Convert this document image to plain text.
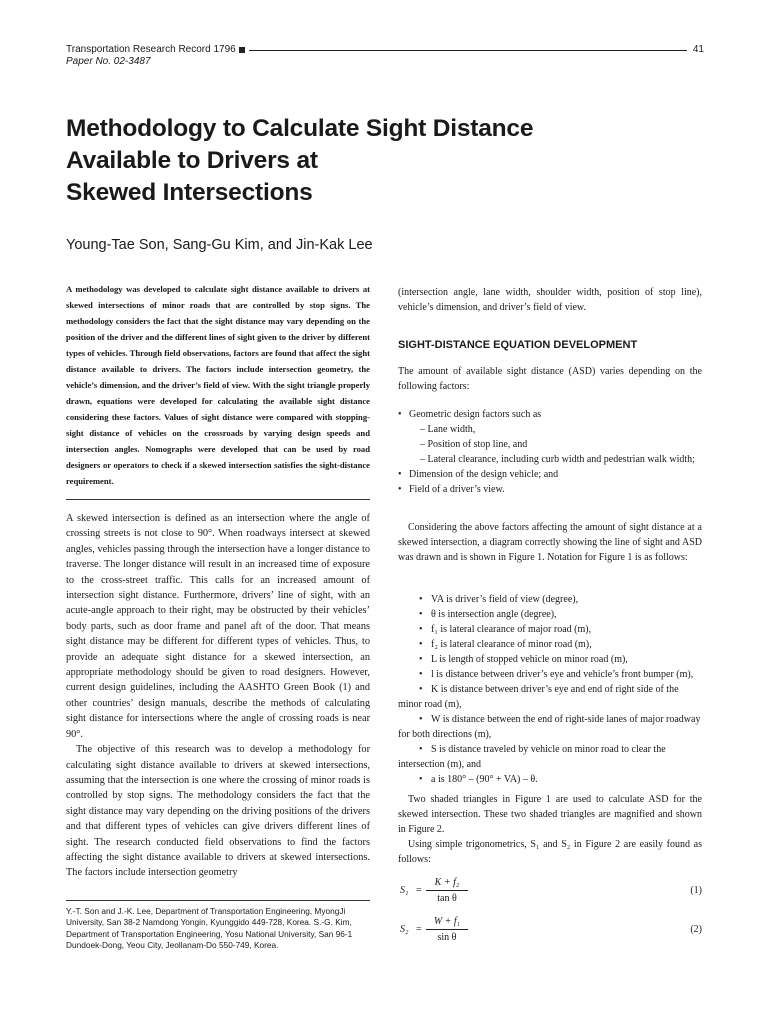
Transportation Research Record 1796	41
Paper No. 02-3487
Methodology to Calculate Sight Distance
Available to Drivers at
Skewed Intersections
Young-Tae Son, Sang-Gu Kim, and Jin-Kak Lee

A methodology was developed to calculate sight distance available to drivers at skewed intersections of minor roads that are controlled by stop signs. The methodology considers the fact that the sight distance may vary depending on the position of the driver and the different lines of sight given to the driver by different types of vehicles. Through field observations, factors are found that affect the sight distance available to drivers. The factors include intersection geometry, the vehicle’s dimension, and the driver’s field of view. With the sight triangle properly drawn, equations were developed for calculating the available sight distance considering these factors. Values of sight distance were compared with stopping-sight distance of vehicles on the crossroads by varying design speeds and intersection angles. Nomographs were developed that can be used by road designers or operators to check if a skewed intersection satisfies the sight-distance requirement.

A skewed intersection is defined as an intersection where the angle of crossing streets is not close to 90°. When roadways intersect at skewed angles, vehicles passing through the intersection have a longer distance to traverse. The longer distance will result in an increased time of exposure to the cross-street traffic. This calls for an increased amount of intersection sight distance. Furthermore, drivers’ line of sight, with an acute-angle approach to their right, may be obstructed by their vehicles’ body parts, such as door frame and panel aft of the door. That means sight distance may be different for different types of vehicles. Thus, to provide an adequate sight distance for a skewed intersection, an appropriate methodology should be given to road designers. However, current design guidelines, including the AASHTO Green Book (1) and other countries’ design manuals, describe the methods of calculating sight distance for intersections where the angle of crossing roads is near 90°.

The objective of this research was to develop a methodology for calculating sight distance available to drivers at skewed intersections, assuming that the intersection is one where the crossing of minor roads is controlled by stop signs. The methodology considers the fact that the sight distance may vary depending on the driving positions of the drivers and that different types of vehicles can give drivers different lines of sight. The research conducted field observations to find the factors affecting the sight distance available to drivers at skewed intersections. The factors include intersection geometry

Y.-T. Son and J.-K. Lee, Department of Transportation Engineering, MyongJi University, San 38-2 Namdong Yongin, Kyunggido 449-728, Korea. S.-G. Kim, Department of Transportation Engineering, Yosu National University, San 96-1 Dundoek-Dong, Yeou City, Jeollanam-Do 550-749, Korea.

(intersection angle, lane width, shoulder width, position of stop line), vehicle’s dimension, and driver’s field of view.

SIGHT-DISTANCE EQUATION DEVELOPMENT

The amount of available sight distance (ASD) varies depending on the following factors:

• Geometric design factors such as
– Lane width,
– Position of stop line, and
– Lateral clearance, including curb width and pedestrian walk width;
• Dimension of the design vehicle; and
• Field of a driver’s view.

Considering the above factors affecting the amount of sight distance at a skewed intersection, a diagram correctly showing the line of sight and ASD was drawn and is shown in Figure 1. Notation for Figure 1 is as follows:

• VA is driver’s field of view (degree),
• θ is intersection angle (degree),
• f₁ is lateral clearance of major road (m),
• f₂ is lateral clearance of minor road (m),
• L is length of stopped vehicle on minor road (m),
• l is distance between driver’s eye and vehicle’s front bumper (m),
• K is distance between driver’s eye and end of right side of the minor road (m),
• W is distance between the end of right-side lanes of major roadway for both directions (m),
• S is distance traveled by vehicle on minor road to clear the intersection (m), and
• a is 180° – (90° + VA) – θ.

Two shaded triangles in Figure 1 are used to calculate ASD for the skewed intersection. These two shaded triangles are magnified and shown in Figure 2.

Using simple trigonometrics, S₁ and S₂ in Figure 2 are easily found as follows:

$S_1 = \frac{\text{K + f₂}}{\text{tan θ}}$	(1)
$S_2 = \frac{\text{W + f₁}}{\text{sin θ}}$	(2)
